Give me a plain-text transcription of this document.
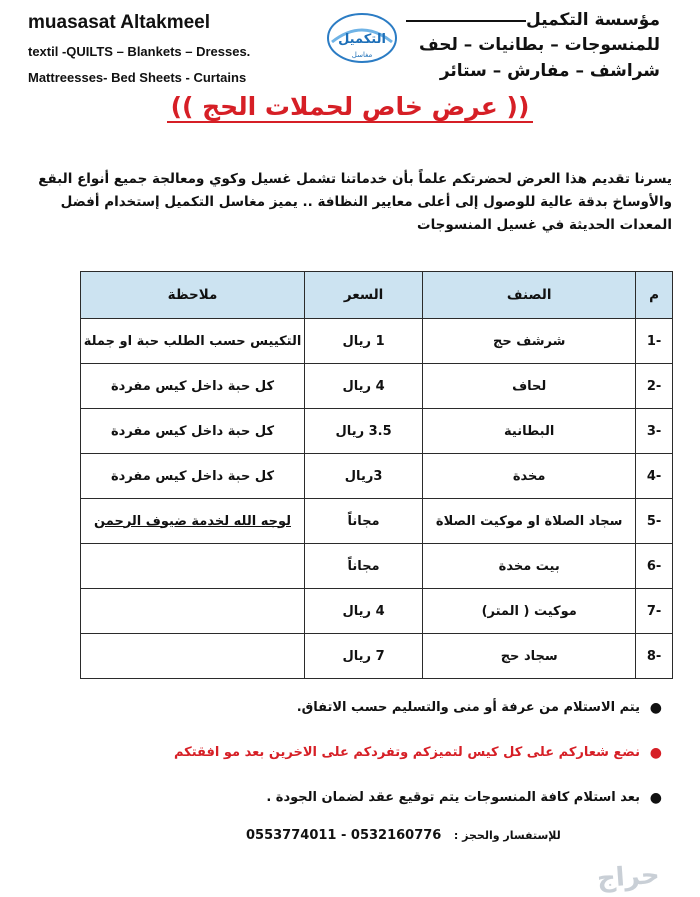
muasasat Altakmeel
textil -QUILTS – Blankets – Dresses.
Mattreesses- Bed Sheets - Curtains
التكميل
مغاسل
مؤسسة التكميل
للمنسوجات – بطانيات – لحف
شراشف – مفارش – ستائر
(( عرض خاص لحملات الحج ))
يسرنا تقديم هذا العرض لحضرتكم علماً بأن خدماتنا تشمل غسيل وكوي ومعالجة جميع أنواع البقع والأوساخ بدقة عالية للوصول إلى أعلى معايير النظافة .. يميز مغاسل التكميل إستخدام أفضل المعدات الحديثة في غسيل المنسوجات
م	الصنف	السعر	ملاحظة
1-	شرشف حج	1 ريال	التكييس حسب الطلب حبة او جملة
2-	لحاف	4 ريال	كل حبة داخل كيس مفردة
3-	البطانية	3.5 ريال	كل حبة داخل كيس مفردة
4-	مخدة	3ريال	كل حبة داخل كيس مفردة
5-	سجاد الصلاة او موكيت الصلاة	مجاناً	لوجه الله لخدمة ضيوف الرحمن
6-	بيت مخدة	مجاناً	
7-	موكيت ( المتر)	4 ريال	
8-	سجاد حج	7 ريال	
●
يتم الاستلام من عرفة أو منى والتسليم حسب الاتفاق.
●
نضع شعاركم على كل كيس لتميزكم وتفردكم على الاخرين بعد مو افقتكم
●
بعد استلام كافة المنسوجات يتم توقيع عقد لضمان الجودة .
للإستفسار والحجز : 0553774011 - 0532160776
حراج
